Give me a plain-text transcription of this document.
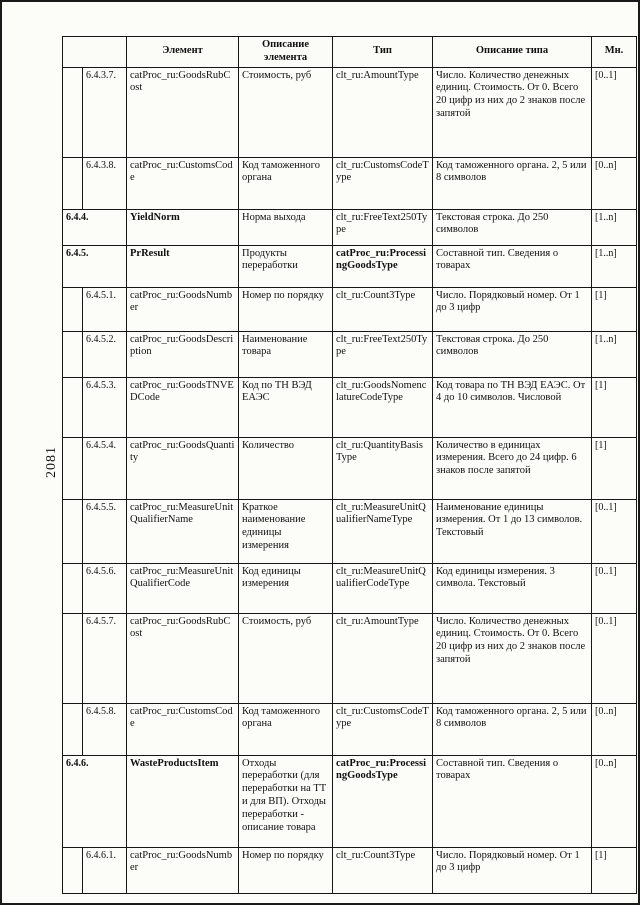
2081
		Элемент	Описание элемента	Тип	Описание типа	Мн.
	6.4.3.7.	catProc_ru:GoodsRubCost	Стоимость, руб	clt_ru:AmountType	Число. Количество денежных единиц. Стоимость. От 0. Всего 20 цифр из них до 2 знаков после запятой	[0..1]
	6.4.3.8.	catProc_ru:CustomsCode	Код таможенного органа	clt_ru:CustomsCodeType	Код таможенного органа. 2, 5 или 8 символов	[0..n]
6.4.4.		YieldNorm	Норма выхода	clt_ru:FreeText250Type	Текстовая строка. До 250 символов	[1..n]
6.4.5.		PrResult	Продукты переработки	catProc_ru:ProcessingGoodsType	Составной тип. Сведения о товарах	[1..n]
	6.4.5.1.	catProc_ru:GoodsNumber	Номер по порядку	clt_ru:Count3Type	Число. Порядковый номер. От 1 до 3 цифр	[1]
	6.4.5.2.	catProc_ru:GoodsDescription	Наименование товара	clt_ru:FreeText250Type	Текстовая строка. До 250 символов	[1..n]
	6.4.5.3.	catProc_ru:GoodsTNVEDCode	Код по ТН ВЭД ЕАЭС	clt_ru:GoodsNomenclatureCodeType	Код товара по ТН ВЭД ЕАЭС. От 4 до 10 символов. Числовой	[1]
	6.4.5.4.	catProc_ru:GoodsQuantity	Количество	clt_ru:QuantityBasisType	Количество в единицах измерения. Всего до 24 цифр. 6 знаков после запятой	[1]
	6.4.5.5.	catProc_ru:MeasureUnitQualifierName	Краткое наименование единицы измерения	clt_ru:MeasureUnitQualifierNameType	Наименование единицы измерения. От 1 до 13 символов. Текстовый	[0..1]
	6.4.5.6.	catProc_ru:MeasureUnitQualifierCode	Код единицы измерения	clt_ru:MeasureUnitQualifierCodeType	Код единицы измерения. 3 символа. Текстовый	[0..1]
	6.4.5.7.	catProc_ru:GoodsRubCost	Стоимость, руб	clt_ru:AmountType	Число. Количество денежных единиц. Стоимость. От 0. Всего 20 цифр из них до 2 знаков после запятой	[0..1]
	6.4.5.8.	catProc_ru:CustomsCode	Код таможенного органа	clt_ru:CustomsCodeType	Код таможенного органа. 2, 5 или 8 символов	[0..n]
6.4.6.		WasteProductsItem	Отходы переработки (для переработки на ТТ и для ВП). Отходы переработки - описание товара	catProc_ru:ProcessingGoodsType	Составной тип. Сведения о товарах	[0..n]
	6.4.6.1.	catProc_ru:GoodsNumber	Номер по порядку	clt_ru:Count3Type	Число. Порядковый номер. От 1 до 3 цифр	[1]
